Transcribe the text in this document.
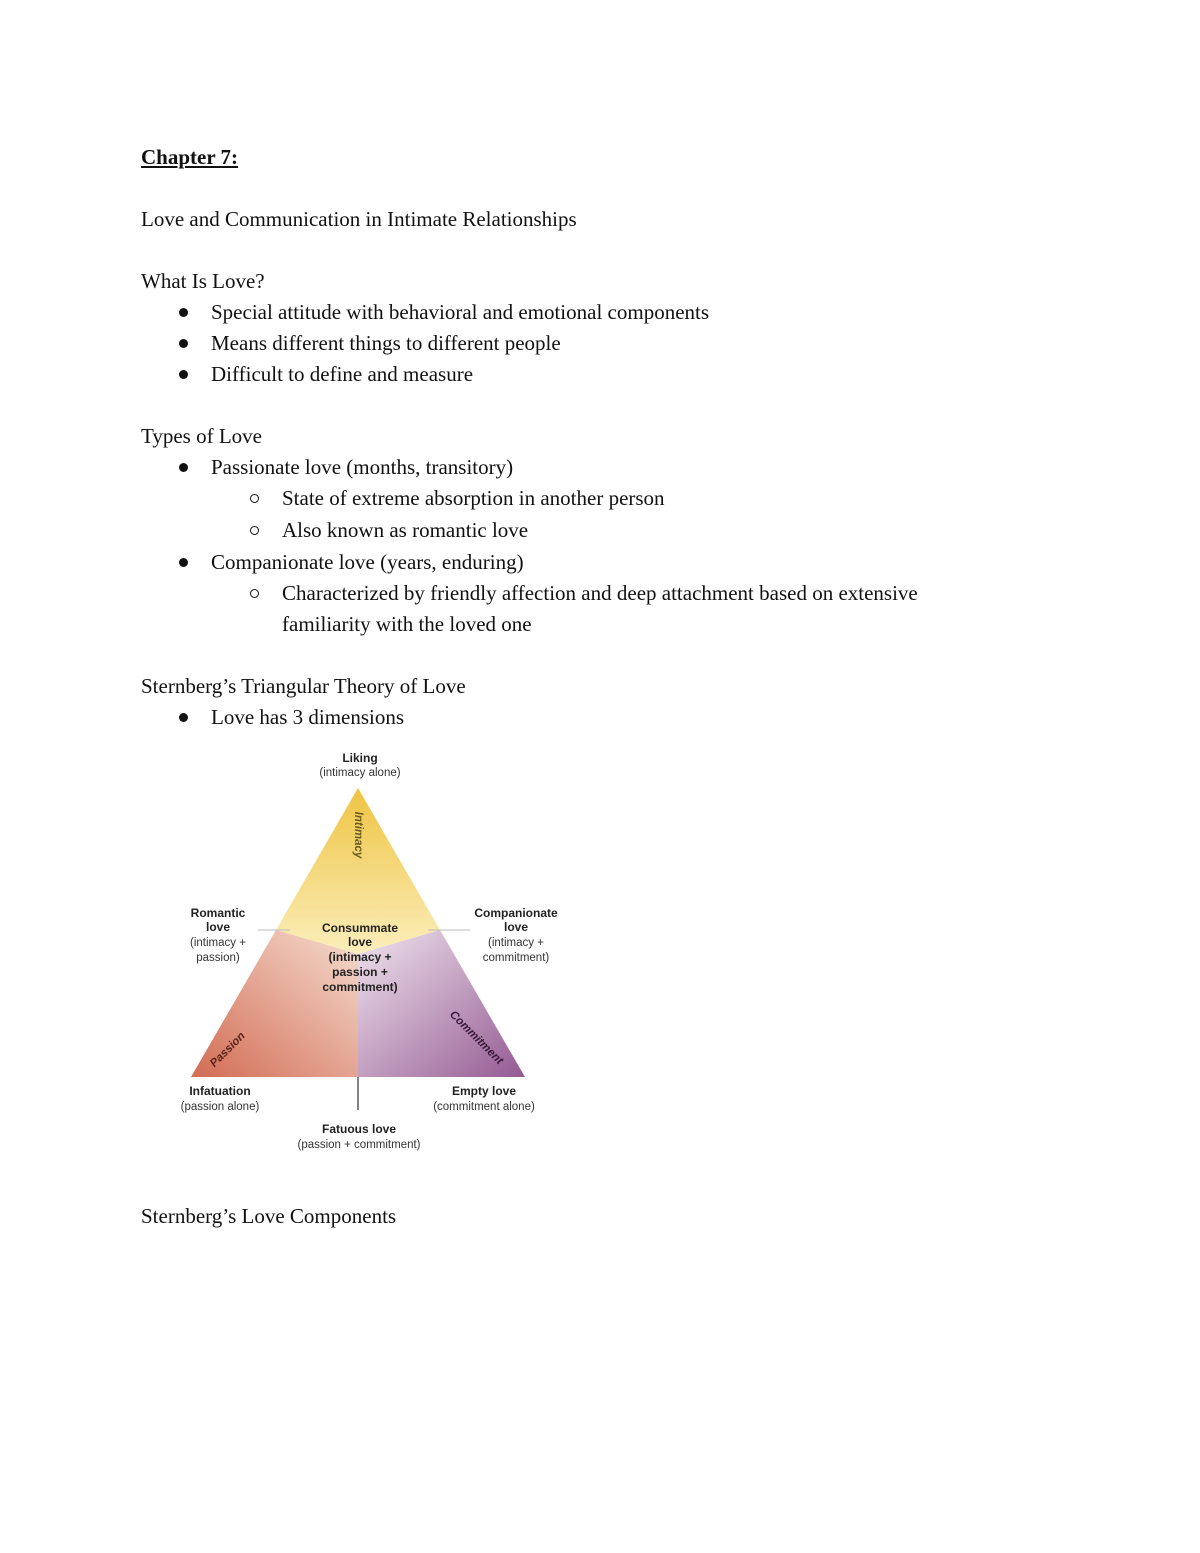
Chapter 7:
Love and Communication in Intimate Relationships
What Is Love?
Special attitude with behavioral and emotional components
Means different things to different people
Difficult to define and measure
Types of Love
Passionate love (months, transitory)
State of extreme absorption in another person
Also known as romantic love
Companionate love (years, enduring)
Characterized by friendly affection and deep attachment based on extensive
familiarity with the loved one
Sternberg’s Triangular Theory of Love
Love has 3 dimensions
Liking
(intimacy alone)
Intimacy
Passion	Commitment
Romantic
love
(intimacy +
passion)
Companionate
love
(intimacy +
commitment)
Consummate
love
(intimacy +
passion +
commitment)
Infatuation
(passion alone)
Empty love
(commitment alone)
Fatuous love
(passion + commitment)
Sternberg’s Love Components
